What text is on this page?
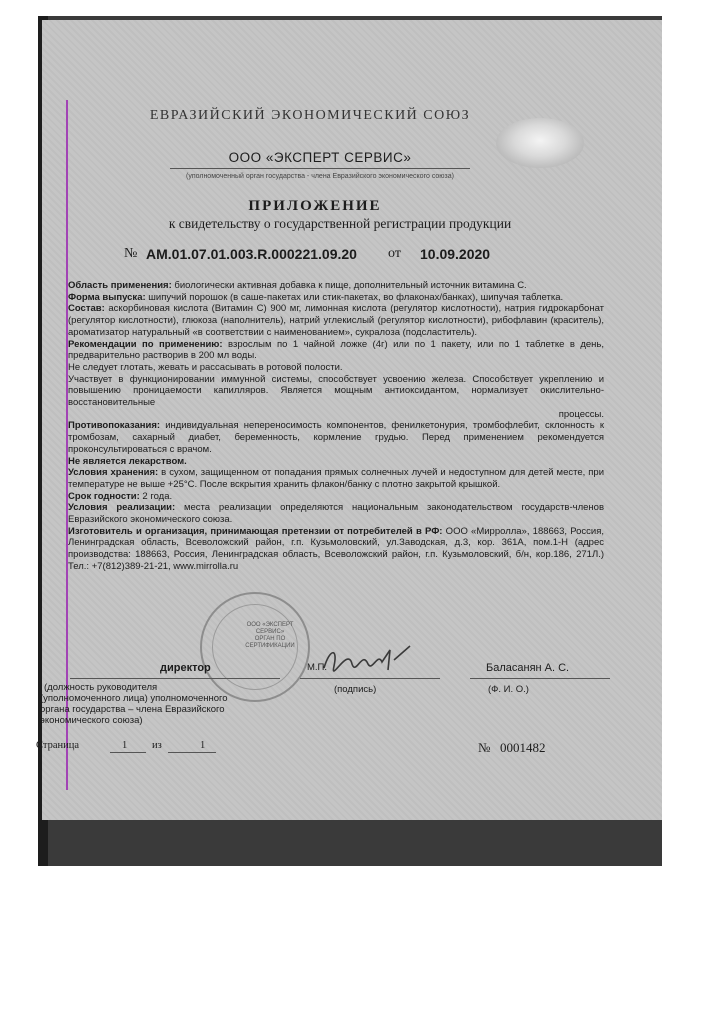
ЕВРАЗИЙСКИЙ ЭКОНОМИЧЕСКИЙ СОЮЗ
ООО «ЭКСПЕРТ СЕРВИС»
(уполномоченный орган государства - члена Евразийского экономического союза)
ПРИЛОЖЕНИЕ
к свидетельству о государственной регистрации продукции
№ AM.01.07.01.003.R.000221.09.20 от 10.09.2020

Область применения: биологически активная добавка к пище, дополнительный источник витамина С.

Форма выпуска: шипучий порошок (в саше-пакетах или стик-пакетах, во флаконах/банках), шипучая таблетка.

Состав: аскорбиновая кислота (Витамин С) 900 мг, лимонная кислота (регулятор кислотности), натрия гидрокарбонат (регулятор кислотности), глюкоза (наполнитель), натрий углекислый (регулятор кислотности), рибофлавин (краситель), ароматизатор натуральный «в соответствии с наименованием», сукралоза (подсластитель).

Рекомендации по применению: взрослым по 1 чайной ложке (4г) или по 1 пакету, или по 1 таблетке в день, предварительно растворив в 200 мл воды.

Не следует глотать, жевать и рассасывать в ротовой полости.

Участвует в функционировании иммунной системы, способствует усвоению железа. Способствует укреплению и повышению проницаемости капилляров. Является мощным антиоксидантом, нормализует окислительно-восстановительные

процессы.

Противопоказания: индивидуальная непереносимость компонентов, фенилкетонурия, тромбофлебит, склонность к тромбозам, сахарный диабет, беременность, кормление грудью. Перед применением рекомендуется проконсультироваться с врачом.

Не является лекарством.

Условия хранения: в сухом, защищенном от попадания прямых солнечных лучей и недоступном для детей месте, при температуре не выше +25°С. После вскрытия хранить флакон/банку с плотно закрытой крышкой.

Срок годности: 2 года.

Условия реализации: места реализации определяются национальным законодательством государств-членов Евразийского экономического союза.

Изготовитель и организация, принимающая претензии от потребителей в РФ: ООО «Мирролла», 188663, Россия, Ленинградская область, Всеволожский район, г.п. Кузьмоловский, ул.Заводская, д.3, кор. 361А, пом.1-Н (адрес производства: 188663, Россия, Ленинградская область, Всеволожский район, г.п. Кузьмоловский, б/н, кор.186, 271Л.) Тел.: +7(812)389-21-21, www.mirrolla.ru

ООО «ЭКСПЕРТ СЕРВИС»
ОРГАН ПО СЕРТИФИКАЦИИ
директор	М.П.	Баласанян А. С.
(должность руководителя
(уполномоченного лица) уполномоченного
органа государства – члена Евразийского
экономического союза)
(подпись)	(Ф. И. О.)
Страница	1 из	1	№ 0001482
